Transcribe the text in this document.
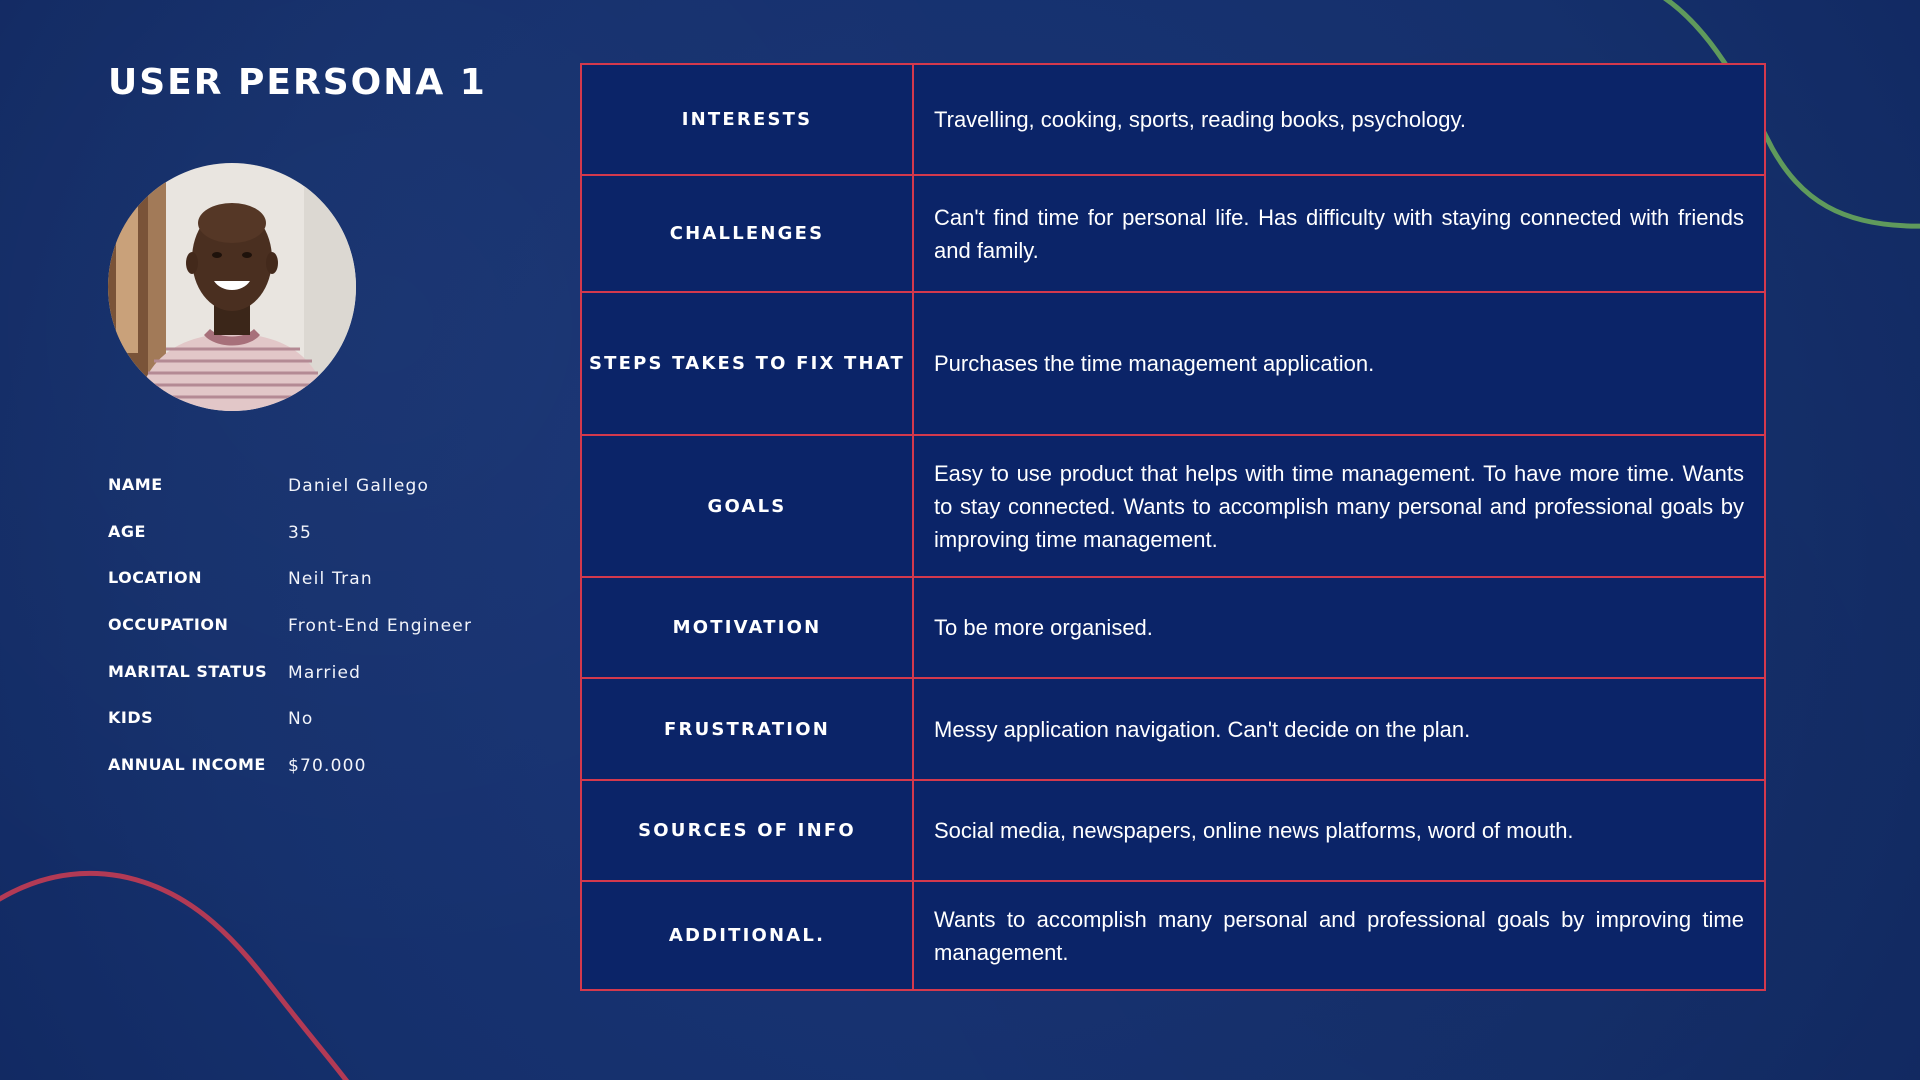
USER PERSONA 1
NAME	Daniel Gallego
AGE	35
LOCATION	Neil Tran
OCCUPATION	Front-End Engineer
MARITAL STATUS Married
KIDS	No
ANNUAL INCOME $70.000
INTERESTS	Travelling, cooking, sports, reading books, psychology.
CHALLENGES	Can't find time for personal life. Has difficulty with staying connected with friends and family.
STEPS TAKES TO FIX THAT	Purchases the time management application.
GOALS	Easy to use product that helps with time management. To have more time. Wants to stay connected. Wants to accomplish many personal and professional goals by improving time management.
MOTIVATION	To be more organised.
FRUSTRATION	Messy application navigation. Can't decide on the plan.
SOURCES OF INFO	Social media, newspapers, online news platforms, word of mouth.
ADDITIONAL.	Wants to accomplish many personal and professional goals by improving time management.
